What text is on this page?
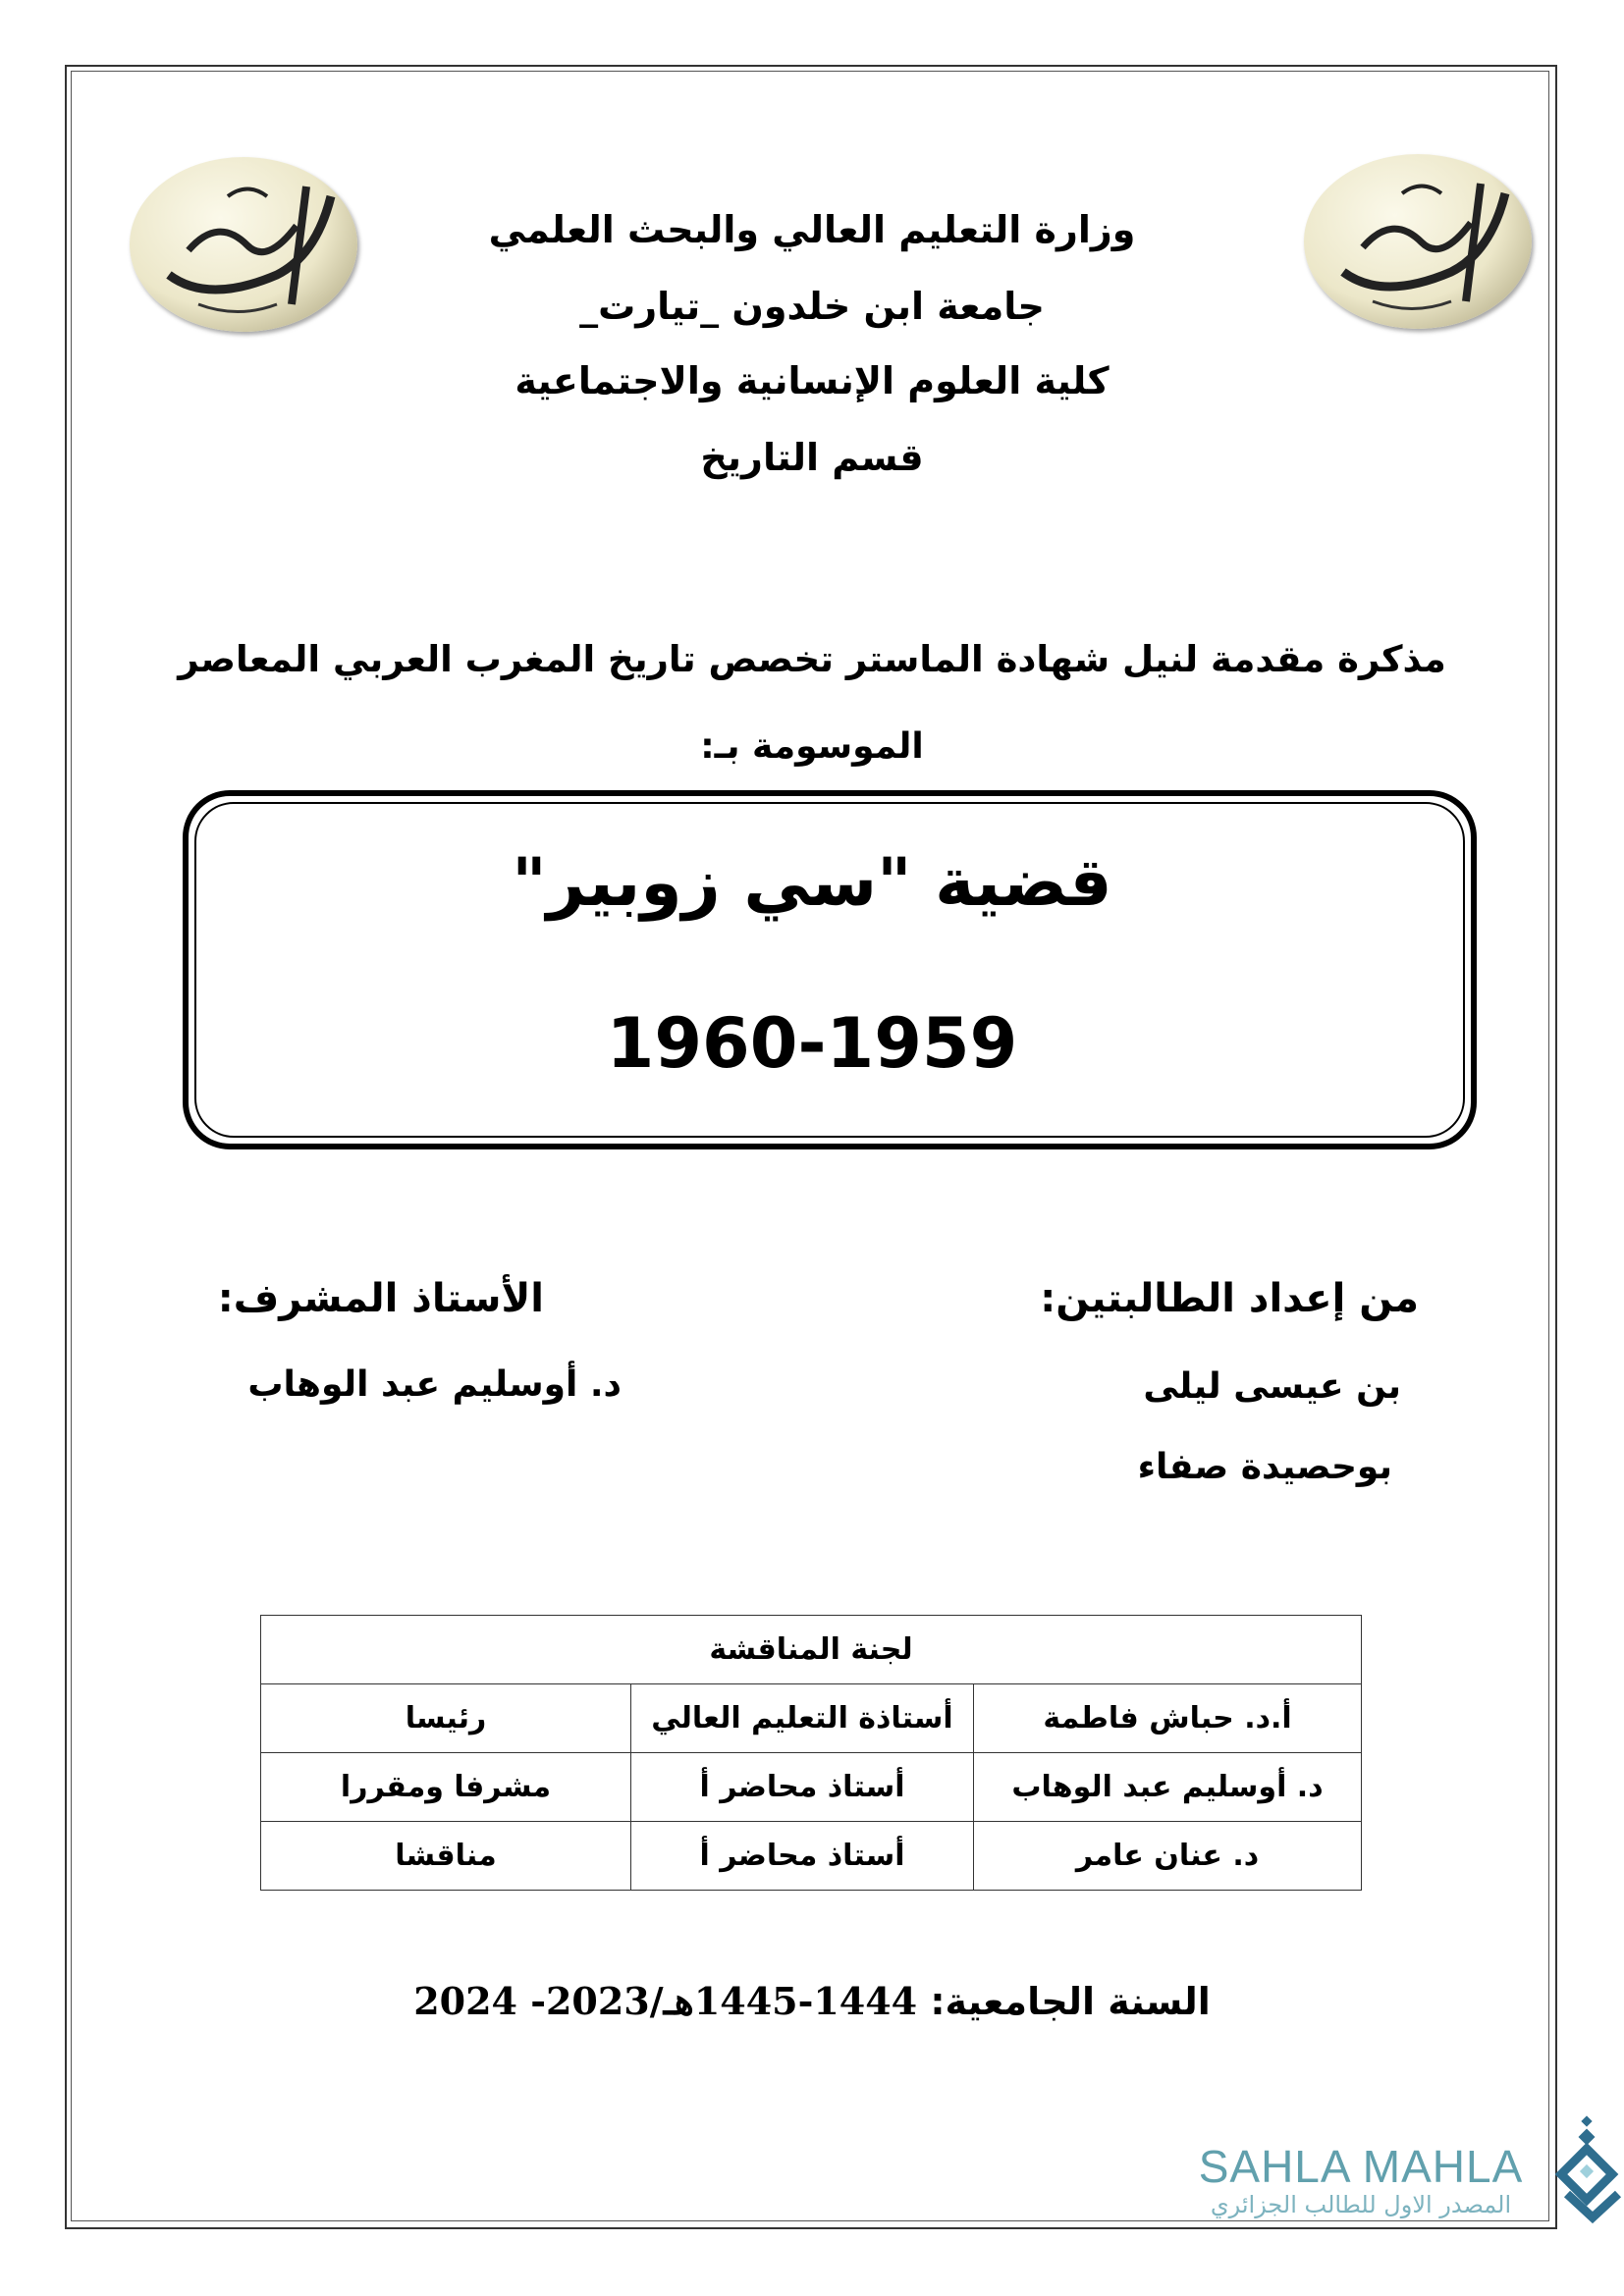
وزارة التعليم العالي والبحث العلمي
جامعة ابن خلدون _تيارت_
كلية العلوم الإنسانية والاجتماعية
قسم التاريخ
مذكرة مقدمة لنيل شهادة الماستر تخصص تاريخ المغرب العربي المعاصر
الموسومة بـ:
قضية "سي زوبير"
1960-1959
من إعداد الطالبتين:
بن عيسى ليلى
بوحصيدة صفاء
الأستاذ المشرف:
د. أوسليم عبد الوهاب
لجنة المناقشة		
أ.د. حباش فاطمة	أستاذة التعليم العالي	رئيسا
د. أوسليم عبد الوهاب	أستاذ محاضر أ	مشرفا ومقررا
د. عنان عامر	أستاذ محاضر أ	مناقشا
السنة الجامعية: 1444-1445هـ/2023- 2024
SAHLA MAHLA
المصدر الاول للطالب الجزائري
